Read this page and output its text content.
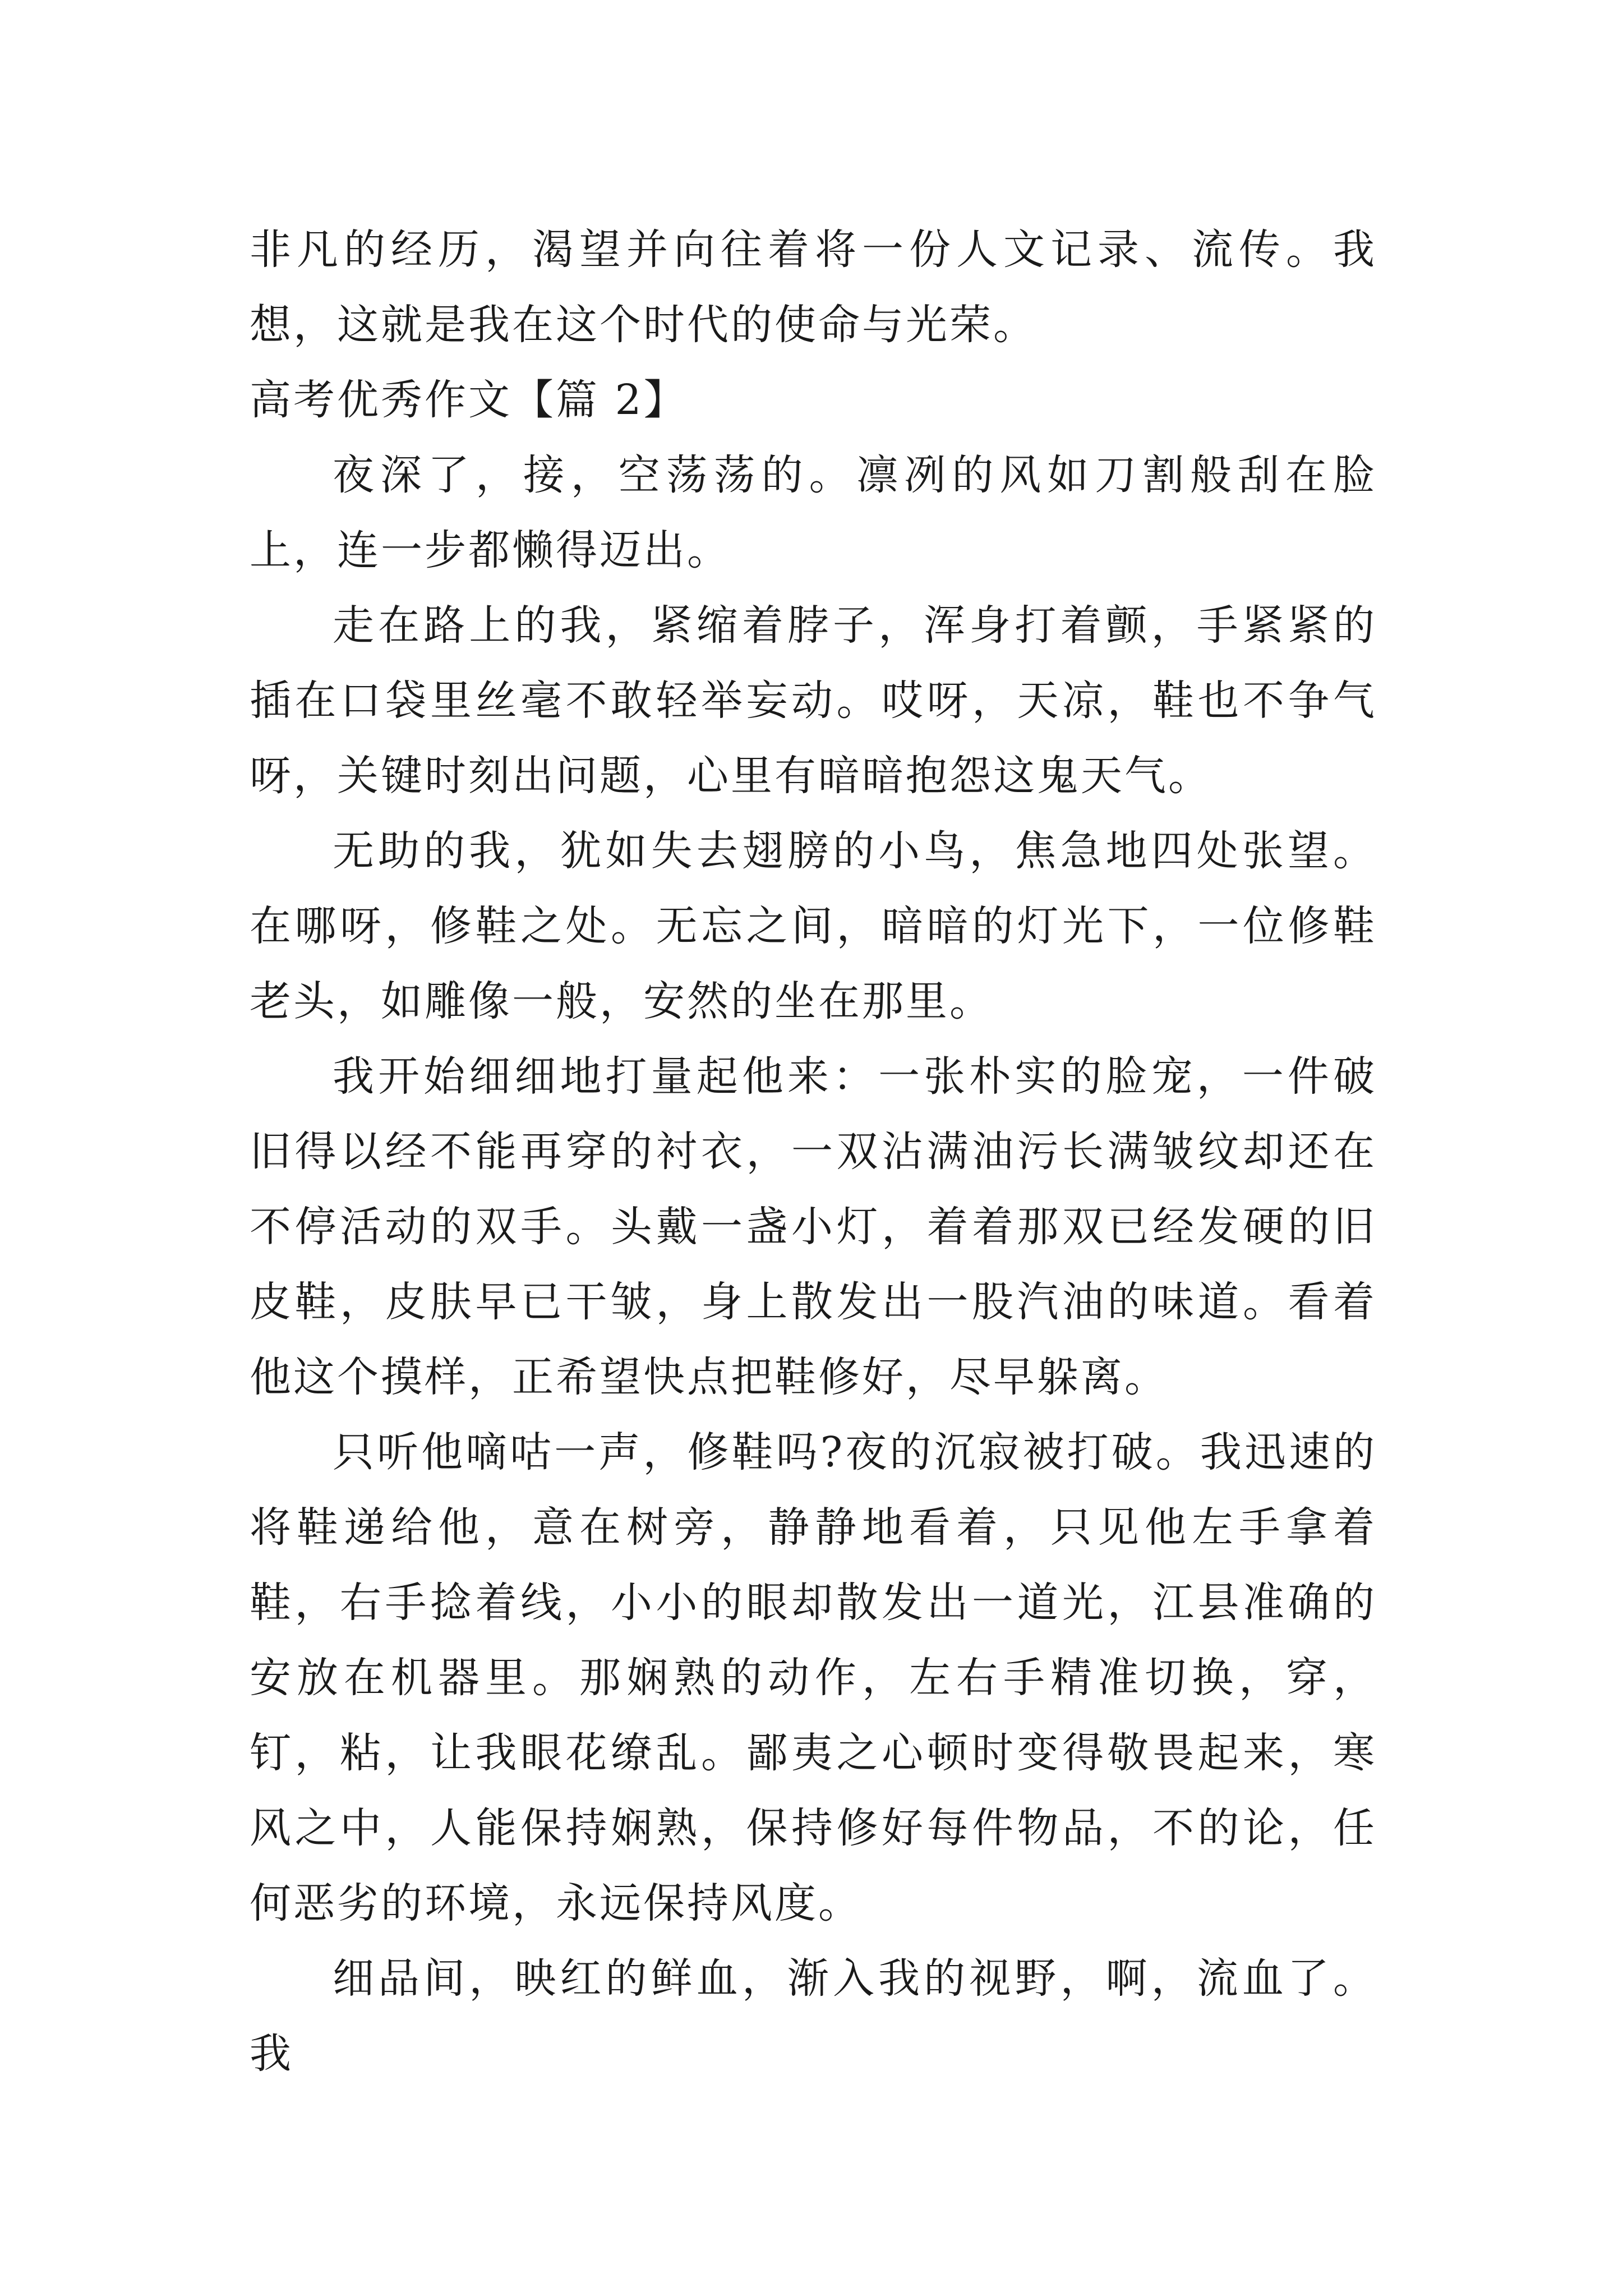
非凡的经历，渴望并向往着将一份人文记录、流传。我想，这就是我在这个时代的使命与光荣。

高考优秀作文【篇 2】

夜深了，接，空荡荡的。凛冽的风如刀割般刮在脸上，连一步都懒得迈出。

走在路上的我，紧缩着脖子，浑身打着颤，手紧紧的插在口袋里丝毫不敢轻举妄动。哎呀，天凉，鞋也不争气呀，关键时刻出问题，心里有暗暗抱怨这鬼天气。

无助的我，犹如失去翅膀的小鸟，焦急地四处张望。在哪呀，修鞋之处。无忘之间，暗暗的灯光下，一位修鞋老头，如雕像一般，安然的坐在那里。

我开始细细地打量起他来：一张朴实的脸宠，一件破旧得以经不能再穿的衬衣，一双沾满油污长满皱纹却还在不停活动的双手。头戴一盏小灯，着着那双已经发硬的旧皮鞋，皮肤早已干皱，身上散发出一股汽油的味道。看着他这个摸样，正希望快点把鞋修好，尽早躲离。

只听他嘀咕一声，修鞋吗?夜的沉寂被打破。我迅速的将鞋递给他，意在树旁，静静地看着，只见他左手拿着鞋，右手捻着线，小小的眼却散发出一道光，江县准确的安放在机器里。那娴熟的动作，左右手精准切换，穿，钉，粘，让我眼花缭乱。鄙夷之心顿时变得敬畏起来，寒风之中，人能保持娴熟，保持修好每件物品，不的论，任何恶劣的环境，永远保持风度。

细品间，映红的鲜血，渐入我的视野，啊，流血了。我
